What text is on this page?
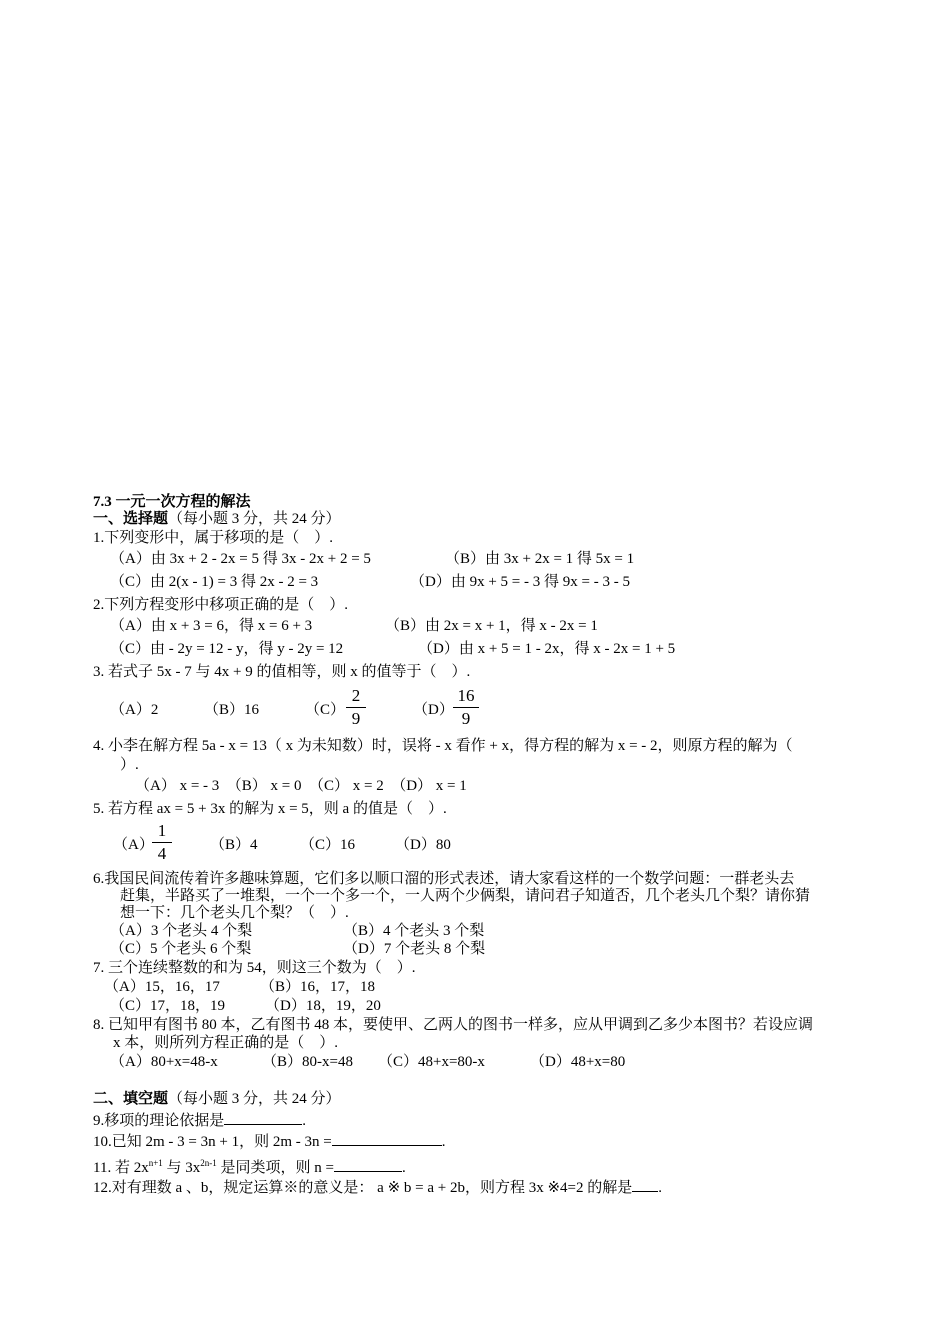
7.3 一元一次方程的解法
一、选择题（每小题 3 分，共 24 分）
1.下列变形中，属于移项的是（　）.
（A）由 3x + 2 - 2x = 5 得 3x - 2x + 2 = 5	（B）由 3x + 2x = 1 得 5x = 1
（C）由 2(x - 1) = 3 得 2x - 2 = 3	（D）由 9x + 5 = - 3 得 9x = - 3 - 5
2.下列方程变形中移项正确的是（　）.
（A）由 x + 3 = 6，得 x = 6 + 3	（B）由 2x = x + 1，得 x - 2x = 1
（C）由 - 2y = 12 - y，得 y - 2y = 12	（D）由 x + 5 = 1 - 2x，得 x - 2x = 1 + 5
3. 若式子 5x - 7 与 4x + 9 的值相等，则 x 的值等于（　）.
（A）2	（B）16	（C）
2
9	（D）
16
9
4. 小李在解方程 5a - x = 13（ x 为未知数）时，误将 - x 看作 + x，得方程的解为 x = - 2，则原方程的解为（
）.
（A） x = - 3　（B） x = 0　（C） x = 2　（D） x = 1
5. 若方程 ax = 5 + 3x 的解为 x = 5，则 a 的值是（　）.
（A）
1
4	（B）4	（C）16	（D）80
6.我国民间流传着许多趣味算题，它们多以顺口溜的形式表述，请大家看这样的一个数学问题：一群老头去
赶集，半路买了一堆梨，一个一个多一个，一人两个少俩梨，请问君子知道否，几个老头几个梨？请你猜
想一下：几个老头几个梨？（　）.
（A）3 个老头 4 个梨	（B）4 个老头 3 个梨
（C）5 个老头 6 个梨	（D）7 个老头 8 个梨
7. 三个连续整数的和为 54，则这三个数为（　）.
（A）15，16，17	（B）16，17，18
（C）17，18，19	（D）18，19，20
8. 已知甲有图书 80 本，乙有图书 48 本，要使甲、乙两人的图书一样多，应从甲调到乙多少本图书？若设应调
x 本，则所列方程正确的是（　）.
（A）80+x=48-x	（B）80-x=48 （C）48+x=80-x	（D）48+x=80
二、填空题（每小题 3 分，共 24 分）
9.移项的理论依据是	.
10.已知 2m - 3 = 3n + 1，则 2m - 3n =	.
11. 若 $2x^{n+1}$ 与 $3x^{2n-1}$ 是同类项，则 n =	.
12.对有理数 a 、b，规定运算※的意义是： a ※ b = a + 2b，则方程 3x ※4=2 的解是 .
